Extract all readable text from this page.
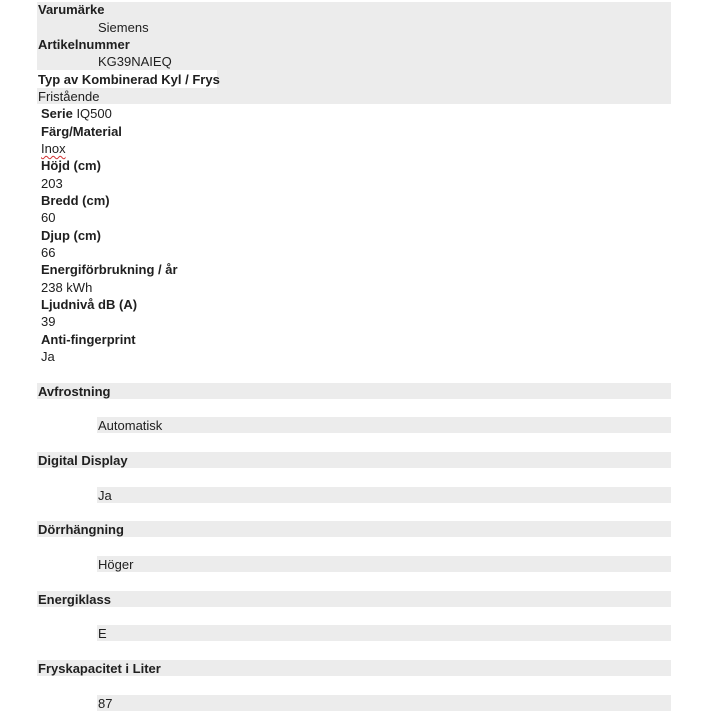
Varumärke
Siemens
Artikelnummer
KG39NAIEQ
Typ av Kombinerad Kyl / Frys
Fristående
Serie IQ500
Färg/Material
Inox
Höjd (cm)
203
Bredd (cm)
60
Djup (cm)
66
Energiförbrukning / år
238 kWh
Ljudnivå dB (A)
39
Anti-fingerprint
Ja
Avfrostning
Automatisk
Digital Display
Ja
Dörrhängning
Höger
Energiklass
E
Fryskapacitet i Liter
87
